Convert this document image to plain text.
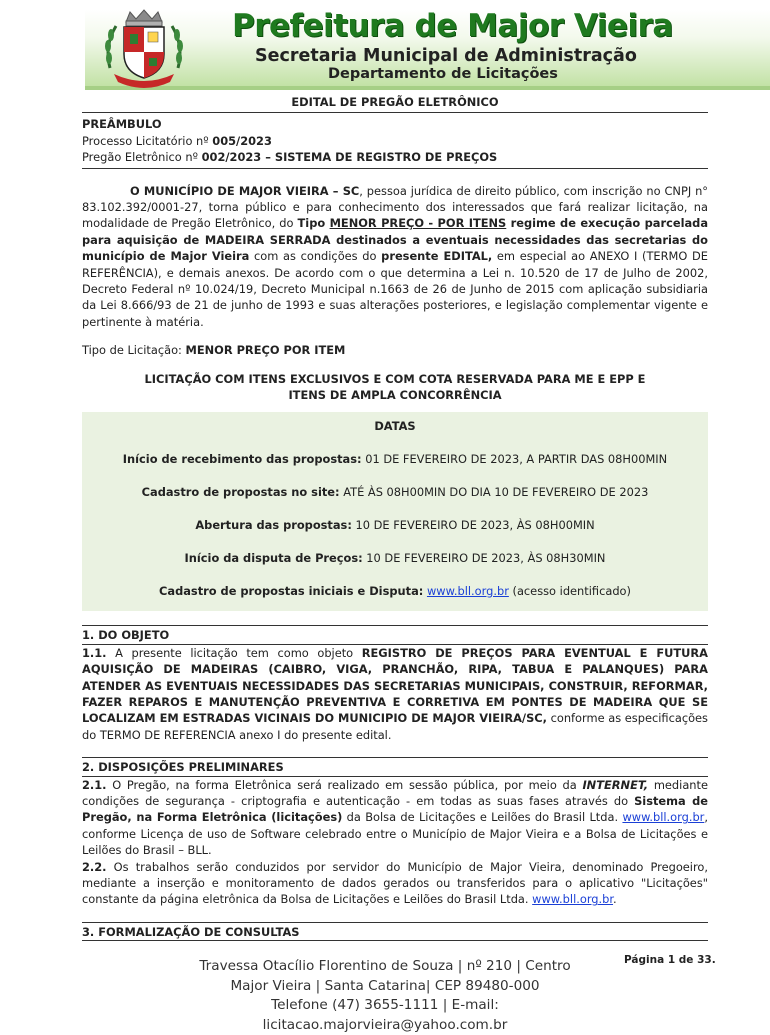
Prefeitura de Major Vieira
Secretaria Municipal de Administração
Departamento de Licitações
EDITAL DE PREGÃO ELETRÔNICO
PREÂMBULO
Processo Licitatório nº 005/2023
Pregão Eletrônico nº 002/2023 – SISTEMA DE REGISTRO DE PREÇOS

O MUNICÍPIO DE MAJOR VIEIRA – SC, pessoa jurídica de direito público, com inscrição no CNPJ n° 83.102.392/0001-27, torna público e para conhecimento dos interessados que fará realizar licitação, na modalidade de Pregão Eletrônico, do Tipo MENOR PREÇO - POR ITENS regime de execução parcelada para aquisição de MADEIRA SERRADA destinados a eventuais necessidades das secretarias do município de Major Vieira com as condições do presente EDITAL, em especial ao ANEXO I (TERMO DE REFERÊNCIA), e demais anexos. De acordo com o que determina a Lei n. 10.520 de 17 de Julho de 2002, Decreto Federal nº 10.024/19, Decreto Municipal n.1663 de 26 de Junho de 2015 com aplicação subsidiaria da Lei 8.666/93 de 21 de junho de 1993 e suas alterações posteriores, e legislação complementar vigente e pertinente à matéria.

Tipo de Licitação: MENOR PREÇO POR ITEM

LICITAÇÃO COM ITENS EXCLUSIVOS E COM COTA RESERVADA PARA ME E EPP E ITENS DE AMPLA CONCORRÊNCIA

DATAS

Início de recebimento das propostas: 01 DE FEVEREIRO DE 2023, A PARTIR DAS 08H00MIN

Cadastro de propostas no site: ATÉ ÀS 08H00MIN DO DIA 10 DE FEVEREIRO DE 2023

Abertura das propostas: 10 DE FEVEREIRO DE 2023, ÀS 08H00MIN

Início da disputa de Preços: 10 DE FEVEREIRO DE 2023, ÀS 08H30MIN

Cadastro de propostas iniciais e Disputa: www.bll.org.br (acesso identificado)

1. DO OBJETO

1.1. A presente licitação tem como objeto REGISTRO DE PREÇOS PARA EVENTUAL E FUTURA AQUISIÇÃO DE MADEIRAS (CAIBRO, VIGA, PRANCHÃO, RIPA, TABUA E PALANQUES) PARA ATENDER AS EVENTUAIS NECESSIDADES DAS SECRETARIAS MUNICIPAIS, CONSTRUIR, REFORMAR, FAZER REPAROS E MANUTENÇÃO PREVENTIVA E CORRETIVA EM PONTES DE MADEIRA QUE SE LOCALIZAM EM ESTRADAS VICINAIS DO MUNICIPIO DE MAJOR VIEIRA/SC, conforme as especificações do TERMO DE REFERENCIA anexo I do presente edital.

2. DISPOSIÇÕES PRELIMINARES

2.1. O Pregão, na forma Eletrônica será realizado em sessão pública, por meio da INTERNET, mediante condições de segurança - criptografia e autenticação - em todas as suas fases através do Sistema de Pregão, na Forma Eletrônica (licitações) da Bolsa de Licitações e Leilões do Brasil Ltda. www.bll.org.br, conforme Licença de uso de Software celebrado entre o Município de Major Vieira e a Bolsa de Licitações e Leilões do Brasil – BLL.

2.2. Os trabalhos serão conduzidos por servidor do Município de Major Vieira, denominado Pregoeiro, mediante a inserção e monitoramento de dados gerados ou transferidos para o aplicativo "Licitações" constante da página eletrônica da Bolsa de Licitações e Leilões do Brasil Ltda. www.bll.org.br.

3. FORMALIZAÇÃO DE CONSULTAS
Página 1 de 33.
Travessa Otacílio Florentino de Souza | nº 210 | Centro
Major Vieira | Santa Catarina| CEP 89480-000
Telefone (47) 3655-1111 | E-mail: licitacao.majorvieira@yahoo.com.br
